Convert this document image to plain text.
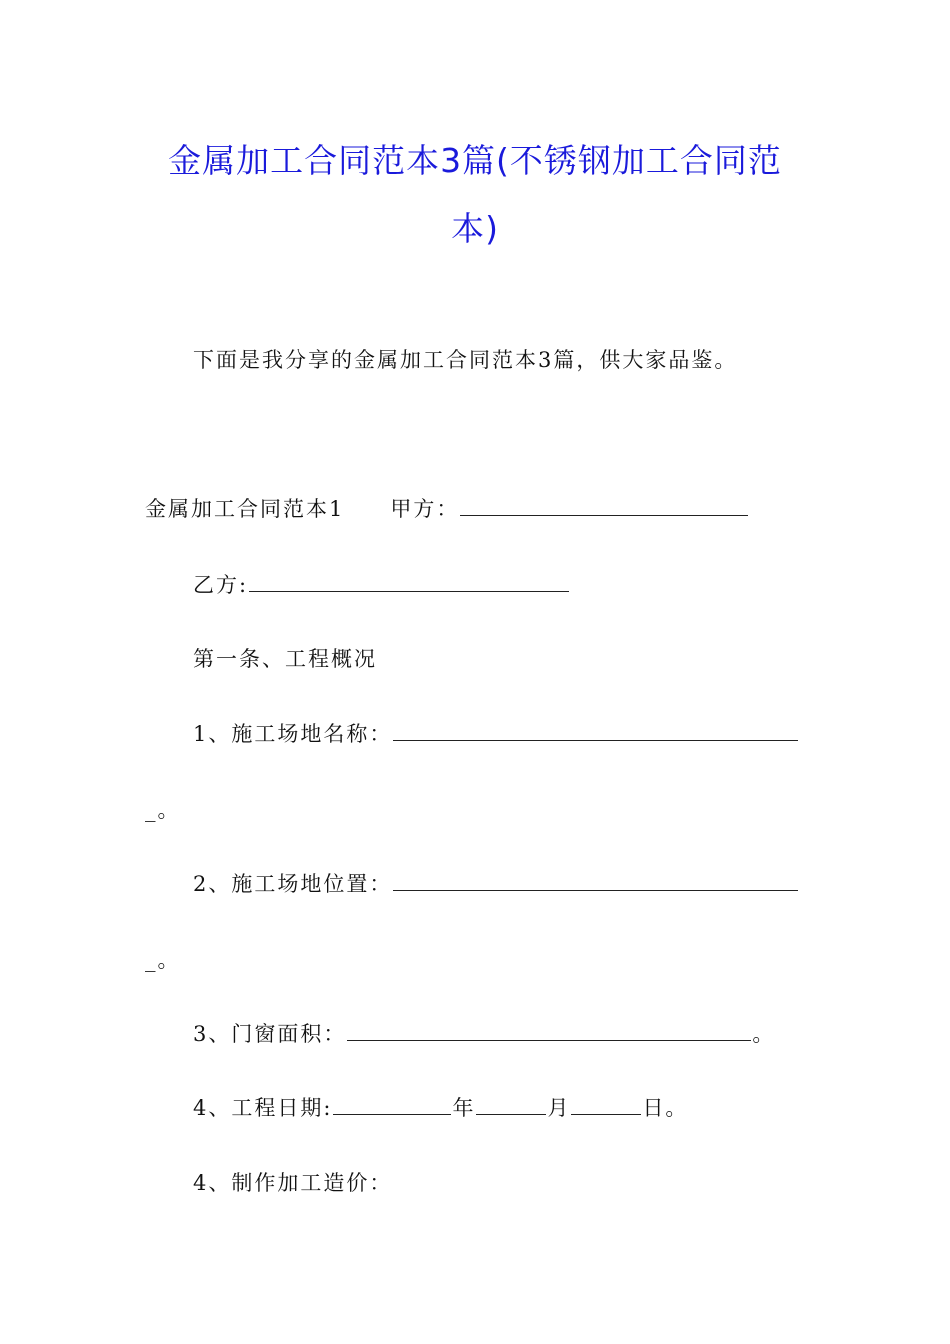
金属加工合同范本3篇(不锈钢加工合同范
本)
下面是我分享的金属加工合同范本3篇，供大家品鉴。
金属加工合同范本1 甲方：
乙方:
第一条、工程概况
1、施工场地名称：
_。
2、施工场地位置：
_。
3、门窗面积：	。
4、工程日期:	年	月	日。
4、制作加工造价：
